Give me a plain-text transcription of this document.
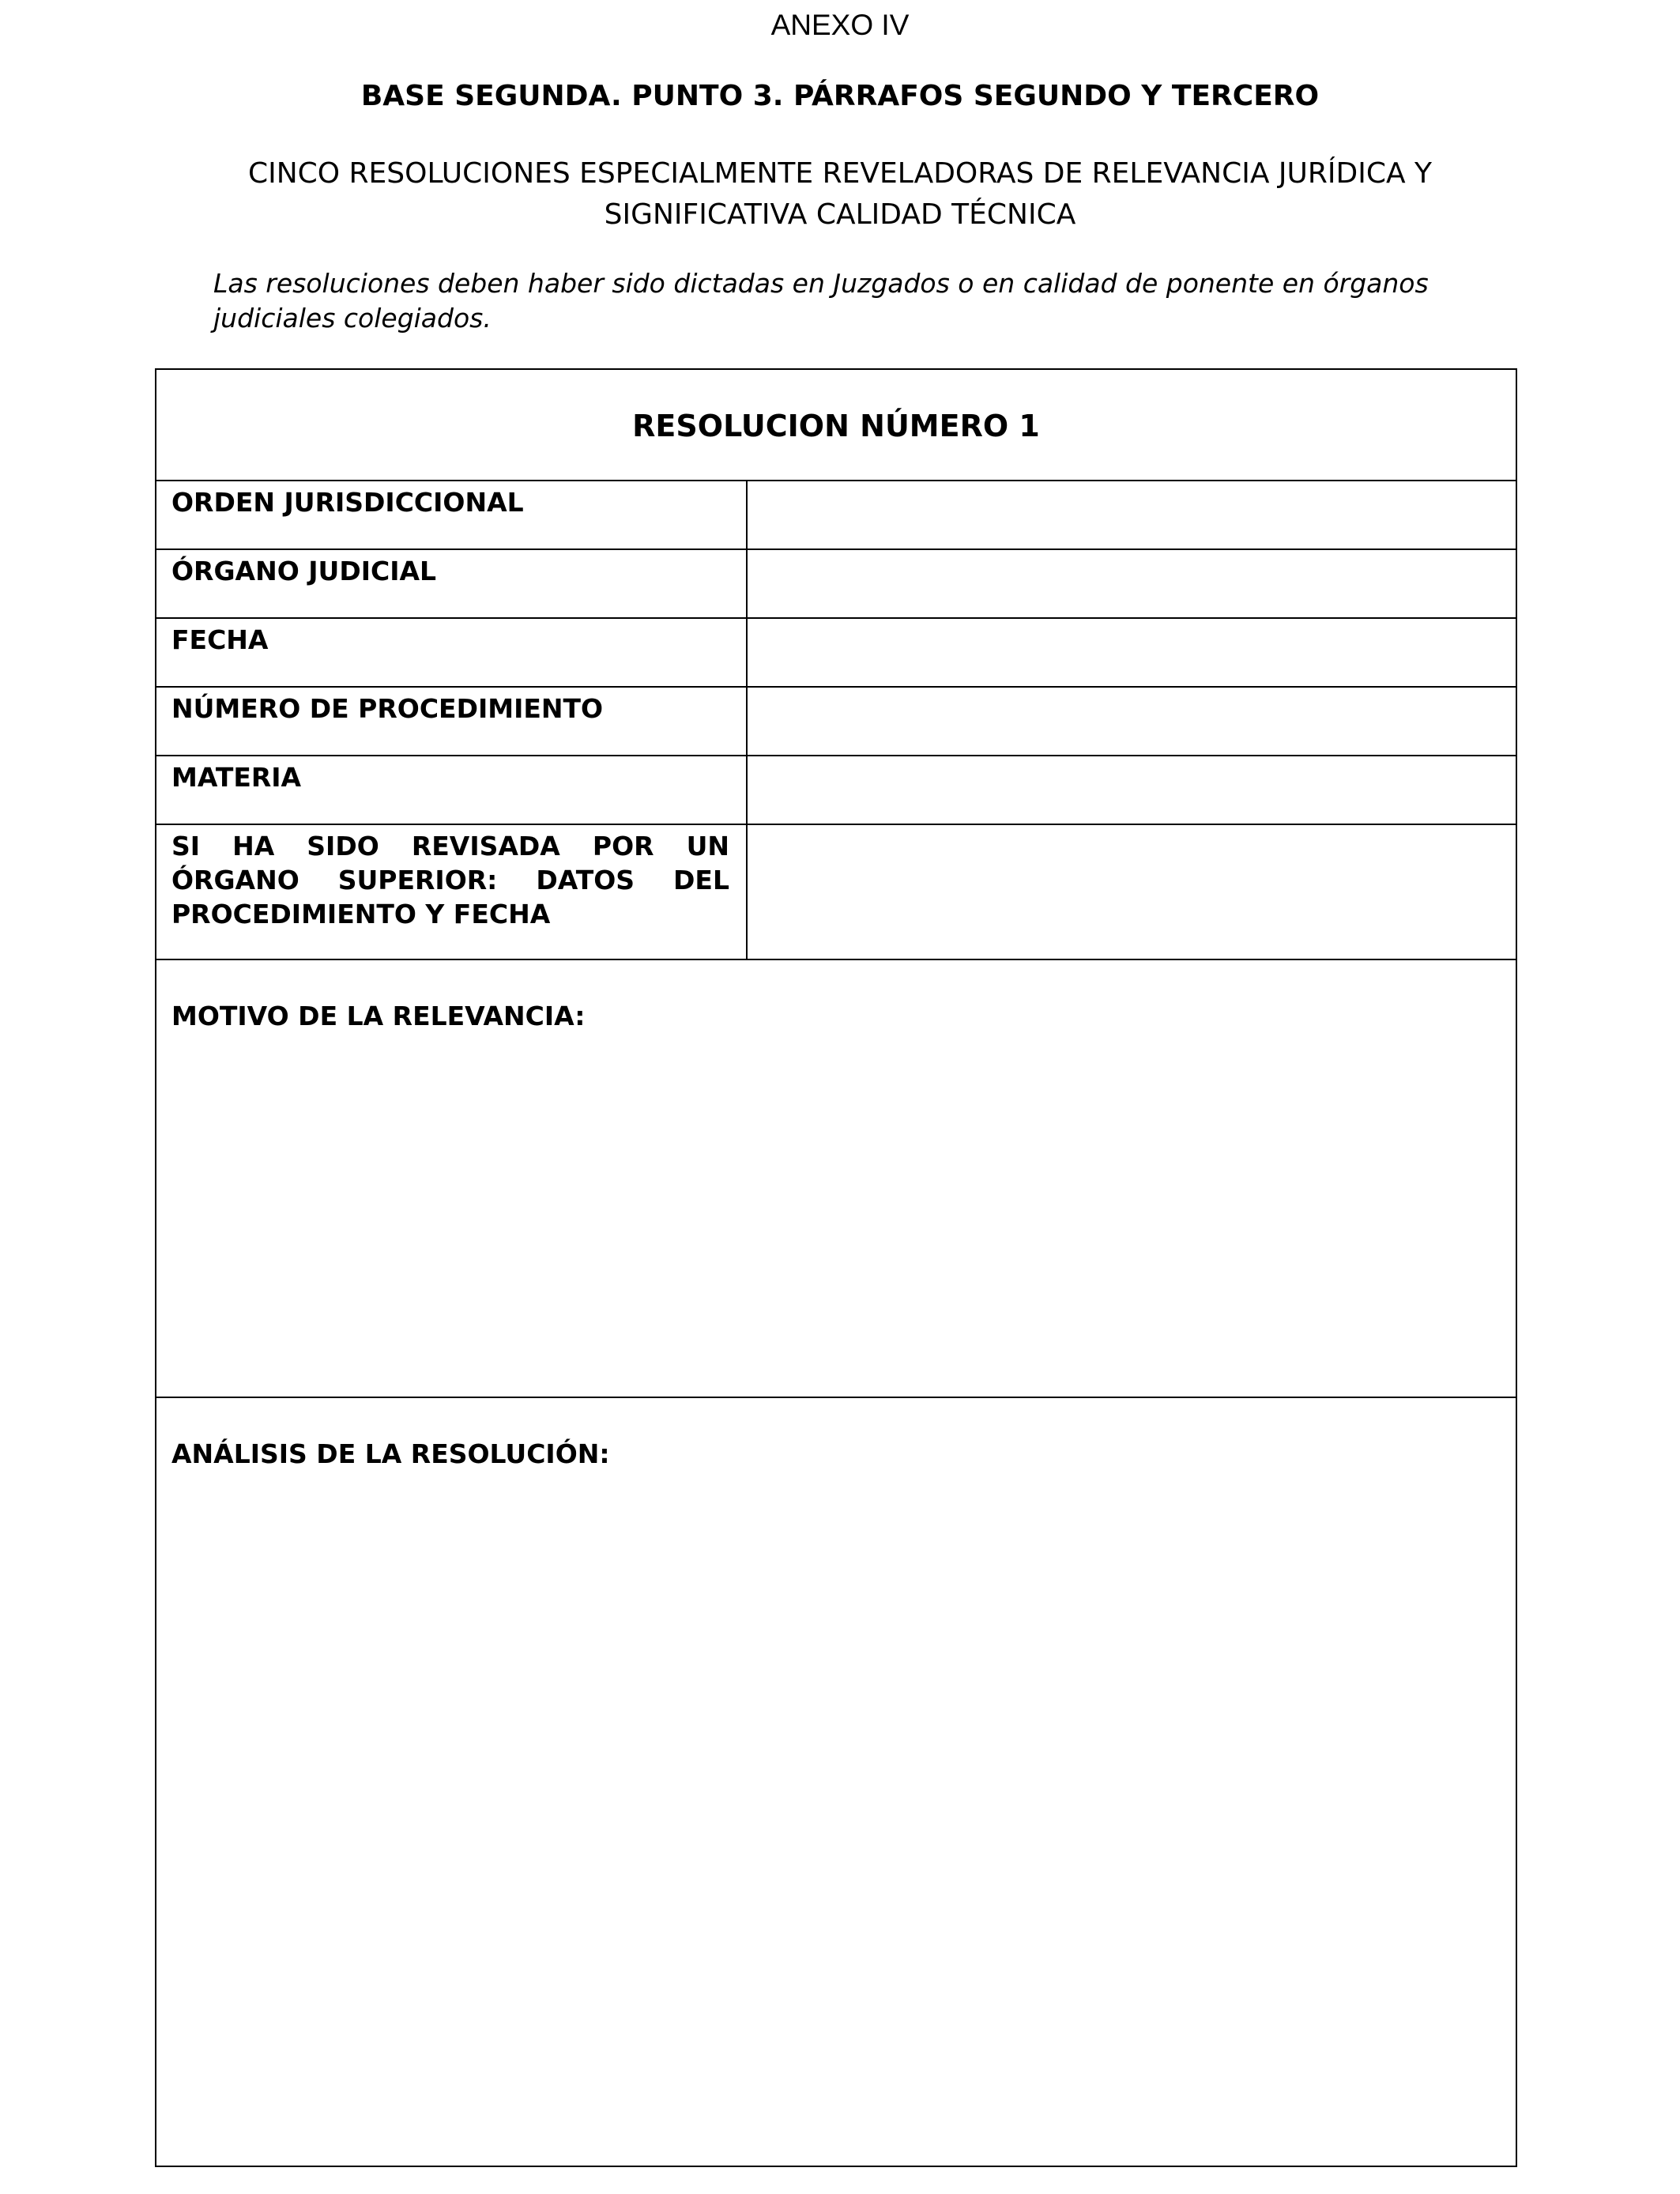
ANEXO IV
BASE SEGUNDA. PUNTO 3. PÁRRAFOS SEGUNDO Y TERCERO
CINCO RESOLUCIONES ESPECIALMENTE REVELADORAS DE RELEVANCIA JURÍDICA Y
SIGNIFICATIVA CALIDAD TÉCNICA
Las resoluciones deben haber sido dictadas en Juzgados o en calidad de ponente en órganos
judiciales colegiados.
RESOLUCION NÚMERO 1
ORDEN JURISDICCIONAL
ÓRGANO JUDICIAL
FECHA
NÚMERO DE PROCEDIMIENTO
MATERIA
SI HA SIDO REVISADA POR UN
ÓRGANO SUPERIOR: DATOS DEL
PROCEDIMIENTO Y FECHA
MOTIVO DE LA RELEVANCIA:
ANÁLISIS DE LA RESOLUCIÓN:
